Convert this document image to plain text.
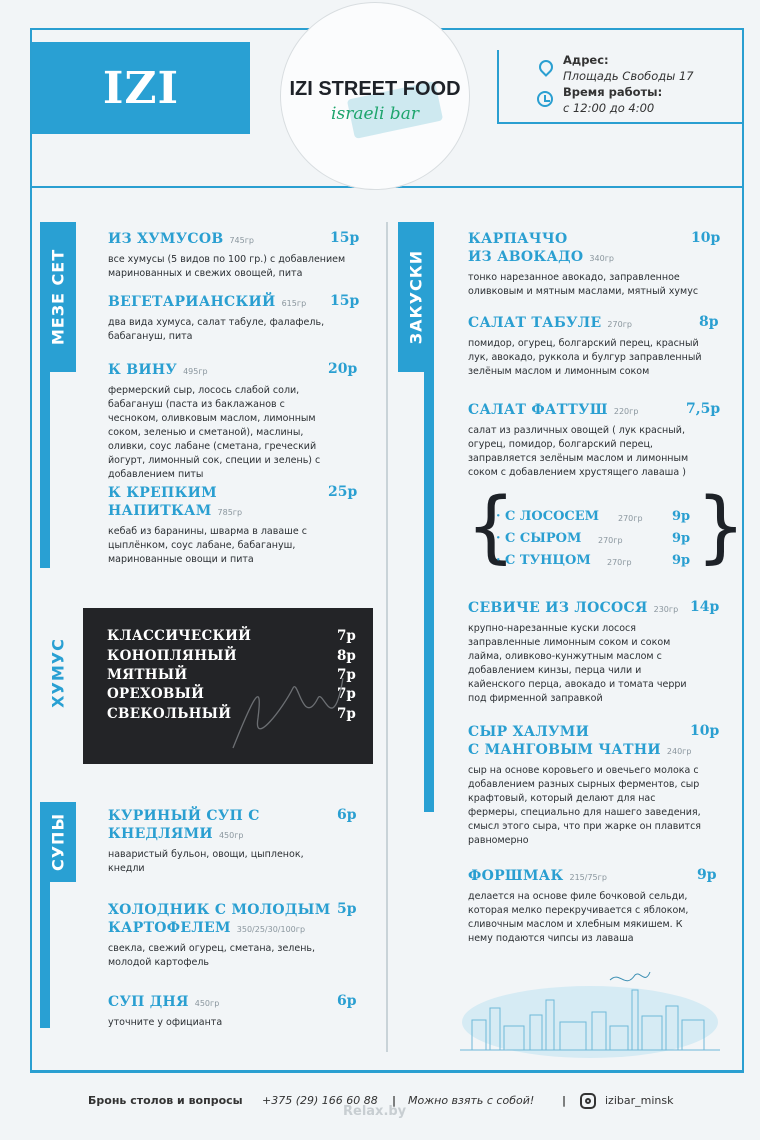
IZI	IZI STREET FOOD
israeli bar
Адрес:
Площадь Свободы 17
Время работы:
с 12:00 до 4:00
МЕЗЕ СЕТ
ХУМУС
СУПЫ
ЗАКУСКИ
ИЗ ХУМУСОВ 745гр
все хумусы (5 видов по 100 гр.) с добавлением маринованных и свежих овощей, пита
15р
ВЕГЕТАРИАНСКИЙ 615гр
два вида хумуса, салат табуле, фалафель, бабагануш, пита
15р
К ВИНУ 495гр
фермерский сыр, лосось слабой соли, бабагануш (паста из баклажанов с чесноком, оливковым маслом, лимонным соком, зеленью и сметаной), маслины, оливки, соус лабане (сметана, греческий йогурт, лимонный сок, специи и зелень) с добавлением питы
20р
К КРЕПКИМ
НАПИТКАМ 785гр
кебаб из баранины, шварма в лаваше с цыплёнком, соус лабане, бабагануш, маринованные овощи и пита
25р
КЛАССИЧЕСКИЙ	7р
КОНОПЛЯНЫЙ	8р
МЯТНЫЙ	7р
ОРЕХОВЫЙ	7р
СВЕКОЛЬНЫЙ	7р
КУРИНЫЙ СУП С
КНЕДЛЯМИ 450гр
наваристый бульон, овощи, цыпленок, кнедли
6р
ХОЛОДНИК С МОЛОДЫМ
КАРТОФЕЛЕМ 350/25/30/100гр
свекла, свежий огурец, сметана, зелень, молодой картофель
5р
СУП ДНЯ 450гр
уточните у официанта
6р
КАРПАЧЧО
ИЗ АВОКАДО 340гр
тонко нарезанное авокадо, заправленное оливковым и мятным маслами, мятный хумус
10р
САЛАТ ТАБУЛЕ 270гр
помидор, огурец, болгарский перец, красный лук, авокадо, руккола и булгур заправленный зелёным маслом и лимонным соком
8р
САЛАТ ФАТТУШ 220гр
салат из различных овощей ( лук красный, огурец, помидор, болгарский перец, заправляется зелёным маслом и лимонным соком с добавлением хрустящего лаваша )
7,5р
{ }
· С ЛОСОСЕМ 270гр 9р
· С СЫРОМ 270гр	9р
· С ТУНЦОМ 270гр	9р
СЕВИЧЕ ИЗ ЛОСОСЯ 230гр
крупно-нарезанные куски лосося заправленные лимонным соком и соком лайма, оливково-кунжутным маслом с добавлением кинзы, перца чили и кайенского перца, авокадо и томата черри под фирменной заправкой
14р
СЫР ХАЛУМИ
С МАНГОВЫМ ЧАТНИ 240гр
сыр на основе коровьего и овечьего молока с добавлением разных сырных ферментов, сыр крафтовый, который делают для нас фермеры, специально для нашего заведения, смысл этого сыра, что при жарке он плавится равномерно
10р
ФОРШМАК 215/75гр
делается на основе филе бочковой сельди, которая мелко перекручивается с яблоком, сливочным маслом и хлебным мякишем. К нему подаются чипсы из лаваша
9р
Бронь столов и вопросы +375 (29) 166 60 88 | Можно взять с собой!	|	izibar_minsk
Relax.by
